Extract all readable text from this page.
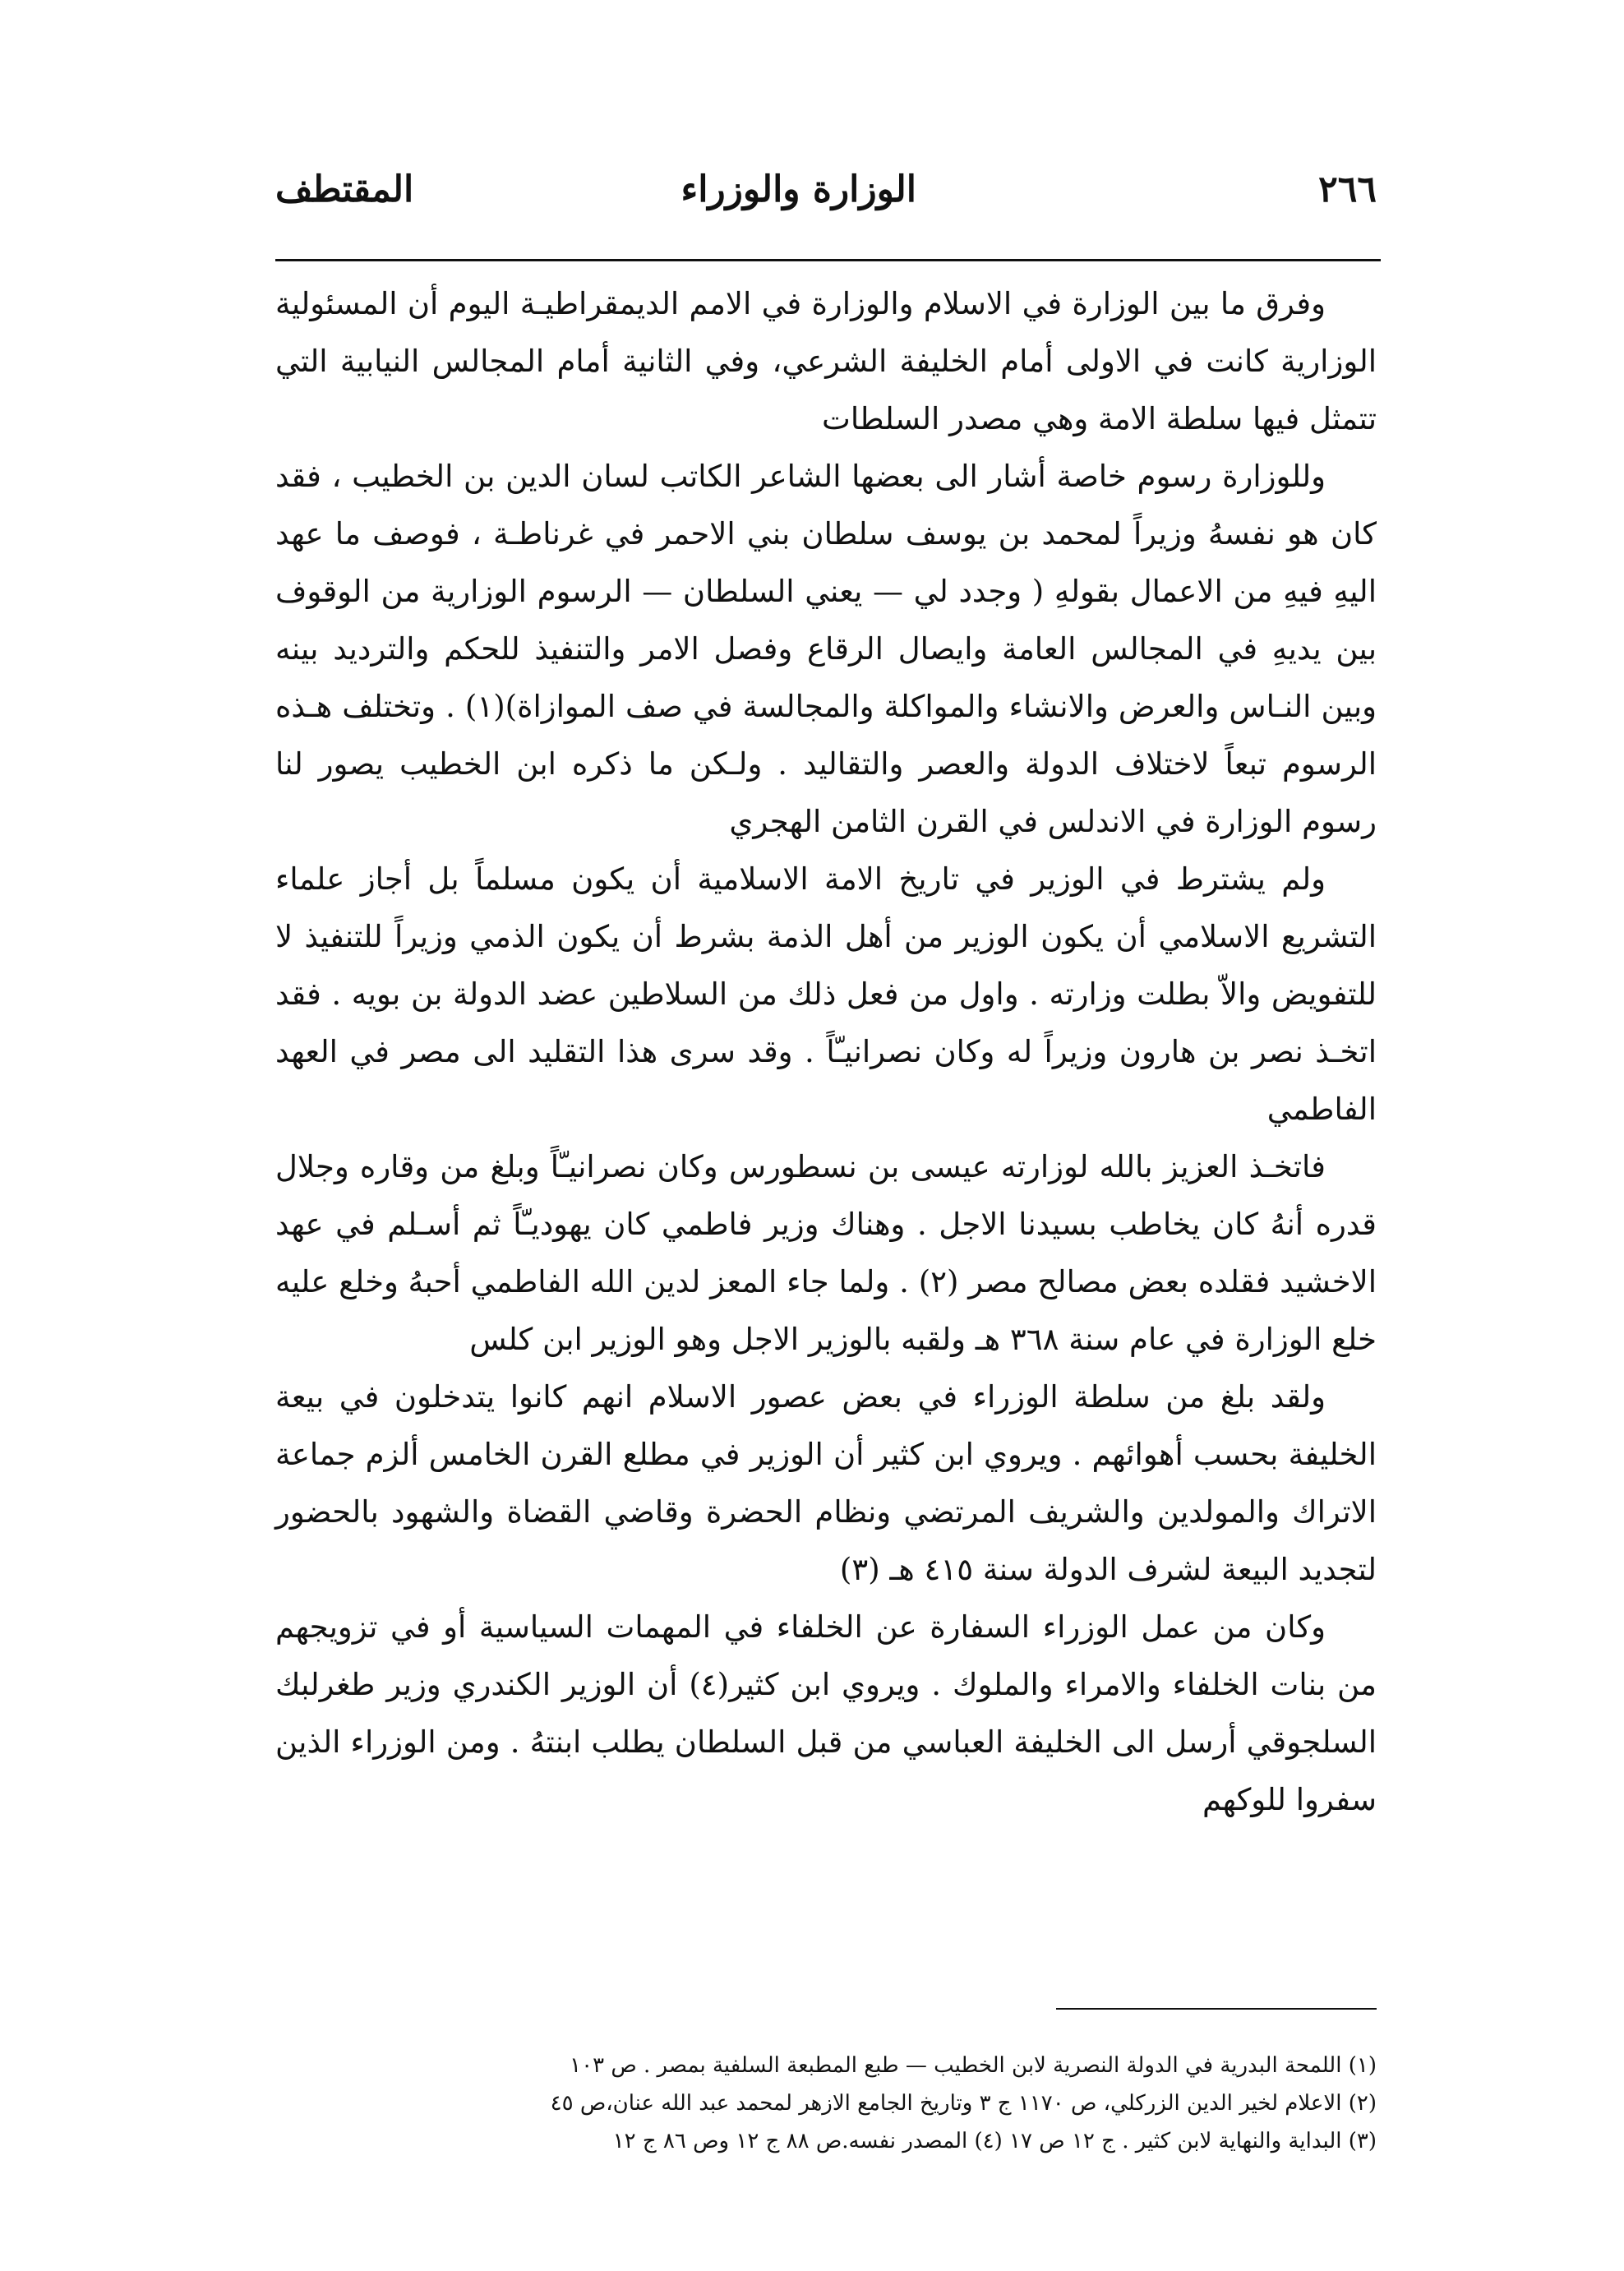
٢٦٦
الوزارة والوزراء
المقتطف

وفرق ما بين الوزارة في الاسلام والوزارة في الامم الديمقراطيـة اليوم أن المسئولية الوزارية كانت في الاولى أمام الخليفة الشرعي، وفي الثانية أمام المجالس النيابية التي تتمثل فيها سلطة الامة وهي مصدر السلطات

وللوزارة رسوم خاصة أشار الى بعضها الشاعر الكاتب لسان الدين بن الخطيب ، فقد كان هو نفسهُ وزيراً لمحمد بن يوسف سلطان بني الاحمر في غرناطـة ، فوصف ما عهد اليهِ فيهِ من الاعمال بقولهِ ( وجدد لي — يعني السلطان — الرسوم الوزارية من الوقوف بين يديهِ في المجالس العامة وايصال الرقاع وفصل الامر والتنفيذ للحكم والترديد بينه وبين النـاس والعرض والانشاء والمواكلة والمجالسة في صف الموازاة)(١) . وتختلف هـذه الرسوم تبعاً لاختلاف الدولة والعصر والتقاليد . ولـكن ما ذكره ابن الخطيب يصور لنا رسوم الوزارة في الاندلس في القرن الثامن الهجري

ولم يشترط في الوزير في تاريخ الامة الاسلامية أن يكون مسلماً بل أجاز علماء التشريع الاسلامي أن يكون الوزير من أهل الذمة بشرط أن يكون الذمي وزيراً للتنفيذ لا للتفويض والاّ بطلت وزارته . واول من فعل ذلك من السلاطين عضد الدولة بن بويه . فقد اتخـذ نصر بن هارون وزيراً له وكان نصرانيـّاً . وقد سرى هذا التقليد الى مصر في العهد الفاطمي

فاتخـذ العزيز بالله لوزارته عيسى بن نسطورس وكان نصرانيـّاً وبلغ من وقاره وجلال قدره أنهُ كان يخاطب بسيدنا الاجل . وهناك وزير فاطمي كان يهوديـّاً ثم أسـلم في عهد الاخشيد فقلده بعض مصالح مصر (٢) . ولما جاء المعز لدين الله الفاطمي أحبهُ وخلع عليه خلع الوزارة في عام سنة ٣٦٨ هـ ولقبه بالوزير الاجل وهو الوزير ابن كلس

ولقد بلغ من سلطة الوزراء في بعض عصور الاسلام انهم كانوا يتدخلون في بيعة الخليفة بحسب أهوائهم . ويروي ابن كثير أن الوزير في مطلع القرن الخامس ألزم جماعة الاتراك والمولدين والشريف المرتضي ونظام الحضرة وقاضي القضاة والشهود بالحضور لتجديد البيعة لشرف الدولة سنة ٤١٥ هـ (٣)

وكان من عمل الوزراء السفارة عن الخلفاء في المهمات السياسية أو في تزويجهم من بنات الخلفاء والامراء والملوك . ويروي ابن كثير(٤) أن الوزير الكندري وزير طغرلبك السلجوقي أرسل الى الخليفة العباسي من قبل السلطان يطلب ابنتهُ . ومن الوزراء الذين سفروا للوكهم

(١) اللمحة البدرية في الدولة النصرية لابن الخطيب — طبع المطبعة السلفية بمصر . ص ١٠٣

(٢) الاعلام لخير الدين الزركلي، ص ١١٧٠ ج ٣ وتاريخ الجامع الازهر لمحمد عبد الله عنان،ص ٤٥

(٣) البداية والنهاية لابن كثير . ج ١٢ ص ١٧ (٤) المصدر نفسه.ص ٨٨ ج ١٢ وص ٨٦ ج ١٢
